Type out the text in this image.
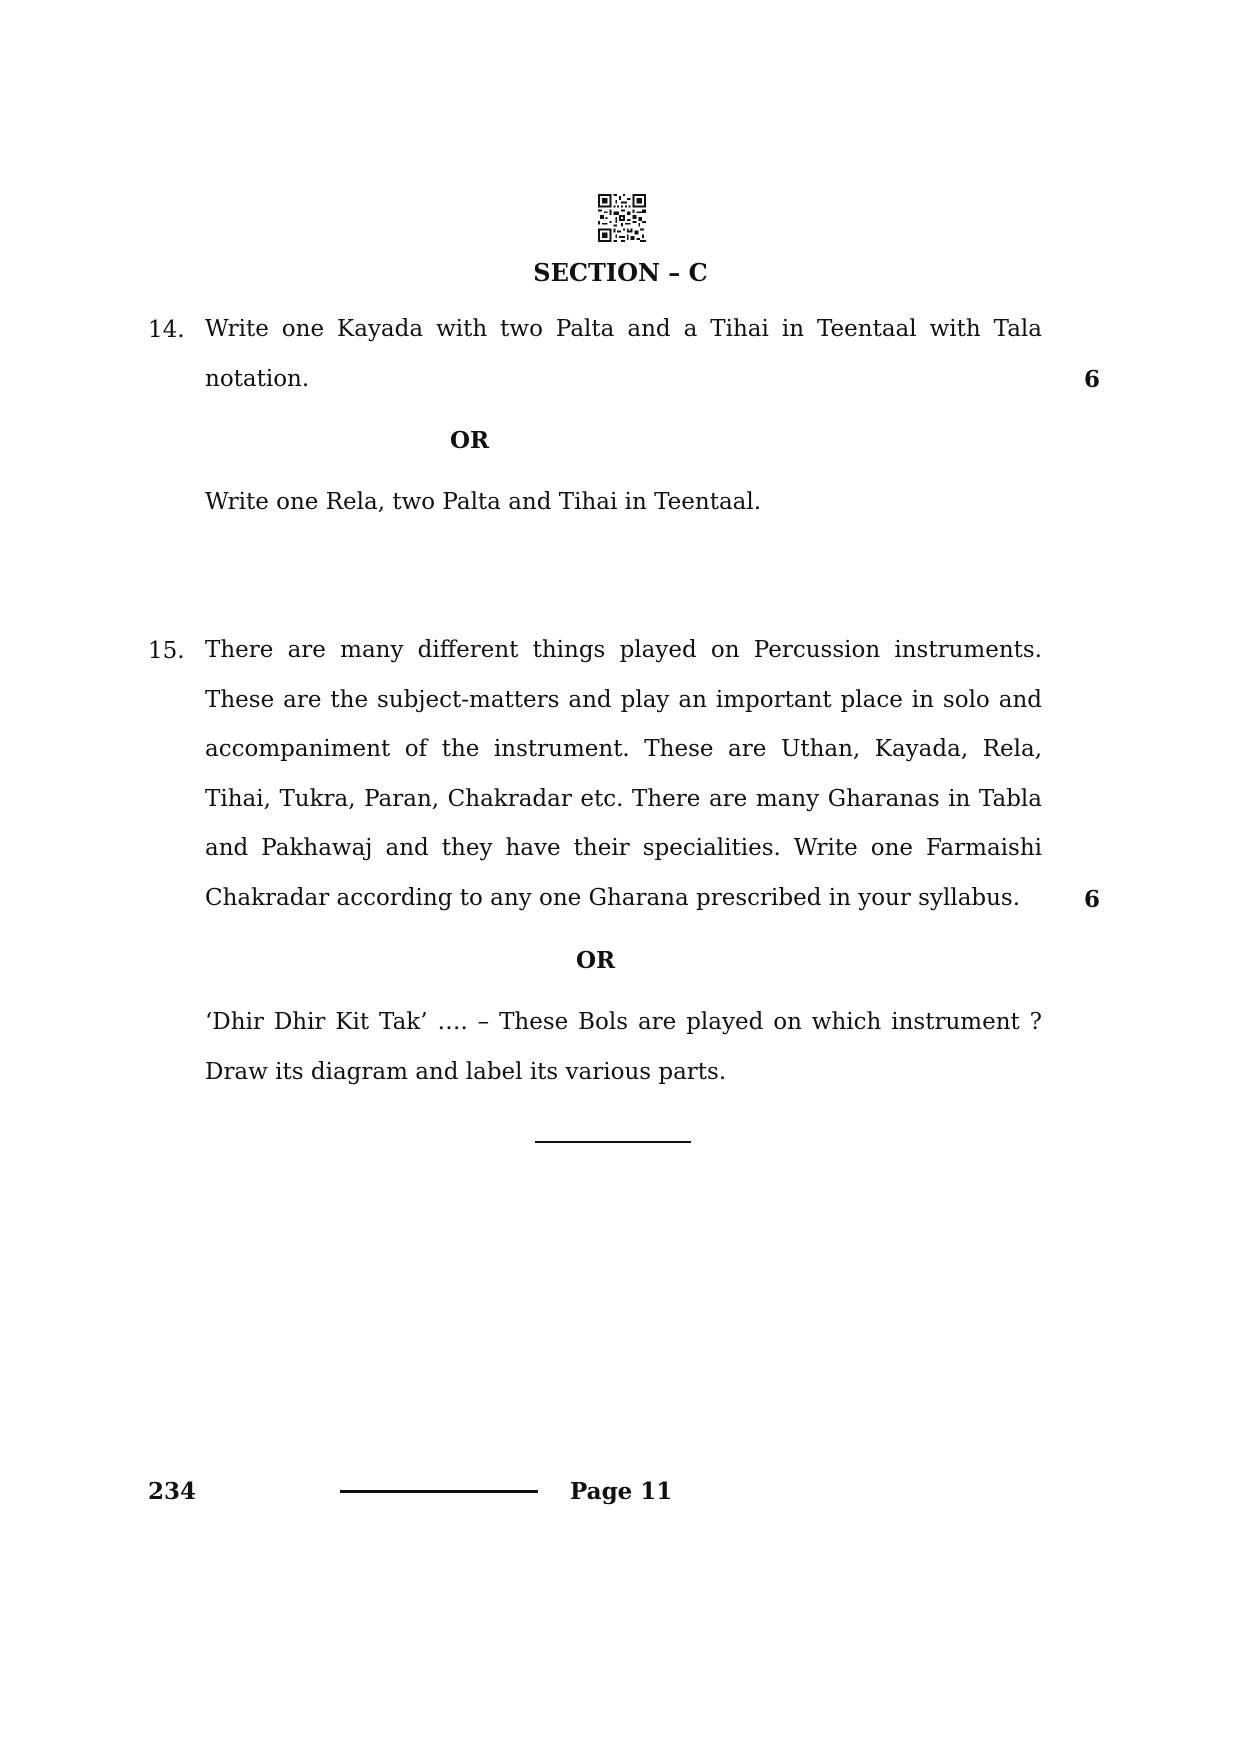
SECTION – C
14. Write one Kayada with two Palta and a Tihai in Teentaal with Tala notation.	6
OR

Write one Rela, two Palta and Tihai in Teentaal.

15. There are many different things played on Percussion instruments. These are the subject-matters and play an important place in solo and accompaniment of the instrument. These are Uthan, Kayada, Rela, Tihai, Tukra, Paran, Chakradar etc. There are many Gharanas in Tabla and Pakhawaj and they have their specialities. Write one Farmaishi Chakradar according to any one Gharana prescribed in your syllabus.	6
OR

‘Dhir Dhir Kit Tak’ …. – These Bols are played on which instrument ? Draw its diagram and label its various parts.

234	Page 11
